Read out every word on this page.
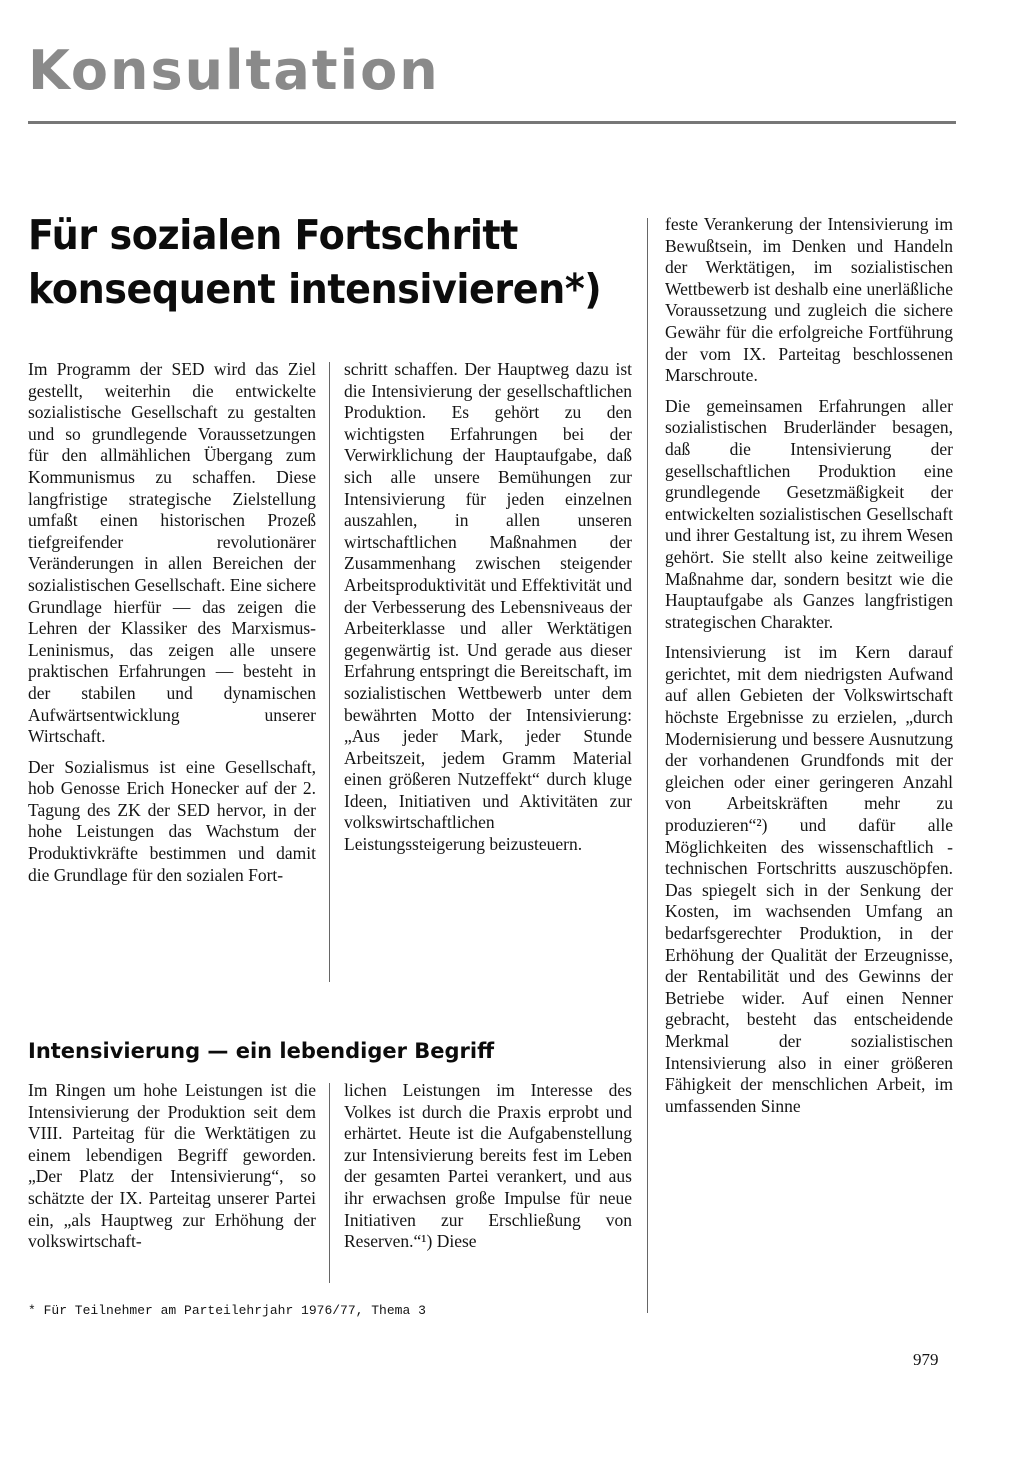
Konsultation
Für sozialen Fortschritt
konsequent intensivieren*)

Im Programm der SED wird das Ziel gestellt, weiterhin die entwickelte sozialistische Gesellschaft zu gestalten und so grundlegende Voraussetzungen für den allmählichen Übergang zum Kommunismus zu schaffen. Diese langfristige strategische Zielstellung umfaßt einen historischen Prozeß tiefgreifender revolutionärer Veränderungen in allen Bereichen der sozialistischen Gesellschaft. Eine sichere Grundlage hierfür — das zeigen die Lehren der Klassiker des Marxismus-Leninismus, das zeigen alle unsere praktischen Erfahrungen — besteht in der stabilen und dynamischen Aufwärtsentwicklung unserer Wirtschaft.

Der Sozialismus ist eine Gesellschaft, hob Genosse Erich Honecker auf der 2. Tagung des ZK der SED hervor, in der hohe Leistungen das Wachstum der Produktivkräfte bestimmen und damit die Grundlage für den sozialen Fort-

schritt schaffen. Der Hauptweg dazu ist die Intensivierung der gesellschaftlichen Produktion. Es gehört zu den wichtigsten Erfahrungen bei der Verwirklichung der Hauptaufgabe, daß sich alle unsere Bemühungen zur Intensivierung für jeden einzelnen auszahlen, in allen unseren wirtschaftlichen Maßnahmen der Zusammenhang zwischen steigender Arbeitsproduktivität und Effektivität und der Verbesserung des Lebensniveaus der Arbeiterklasse und aller Werktätigen gegenwärtig ist. Und gerade aus dieser Erfahrung entspringt die Bereitschaft, im sozialistischen Wettbewerb unter dem bewährten Motto der Intensivierung: „Aus jeder Mark, jeder Stunde Arbeitszeit, jedem Gramm Material einen größeren Nutzeffekt“ durch kluge Ideen, Initiativen und Aktivitäten zur volkswirtschaftlichen Leistungssteigerung beizusteuern.

Intensivierung — ein lebendiger Begriff

Im Ringen um hohe Leistungen ist die Intensivierung der Produktion seit dem VIII. Parteitag für die Werktätigen zu einem lebendigen Begriff geworden. „Der Platz der Intensivierung“, so schätzte der IX. Parteitag unserer Partei ein, „als Hauptweg zur Erhöhung der volkswirtschaft-

lichen Leistungen im Interesse des Volkes ist durch die Praxis erprobt und erhärtet. Heute ist die Aufgabenstellung zur Intensivierung bereits fest im Leben der gesamten Partei verankert, und aus ihr erwachsen große Impulse für neue Initiativen zur Erschließung von Reserven.“¹) Diese

feste Verankerung der Intensivierung im Bewußtsein, im Denken und Handeln der Werktätigen, im sozialistischen Wettbewerb ist deshalb eine unerläßliche Voraussetzung und zugleich die sichere Gewähr für die erfolgreiche Fortführung der vom IX. Parteitag beschlossenen Marschroute.

Die gemeinsamen Erfahrungen aller sozialistischen Bruderländer besagen, daß die Intensivierung der gesellschaftlichen Produktion eine grundlegende Gesetzmäßigkeit der entwickelten sozialistischen Gesellschaft und ihrer Gestaltung ist, zu ihrem Wesen gehört. Sie stellt also keine zeitweilige Maßnahme dar, sondern besitzt wie die Hauptaufgabe als Ganzes langfristigen strategischen Charakter.

Intensivierung ist im Kern darauf gerichtet, mit dem niedrigsten Aufwand auf allen Gebieten der Volkswirtschaft höchste Ergebnisse zu erzielen, „durch Modernisierung und bessere Ausnutzung der vorhandenen Grundfonds mit der gleichen oder einer geringeren Anzahl von Arbeitskräften mehr zu produzieren“²) und dafür alle Möglichkeiten des wissenschaftlich - technischen Fortschritts auszuschöpfen. Das spiegelt sich in der Senkung der Kosten, im wachsenden Umfang an bedarfsgerechter Produktion, in der Erhöhung der Qualität der Erzeugnisse, der Rentabilität und des Gewinns der Betriebe wider. Auf einen Nenner gebracht, besteht das entscheidende Merkmal der sozialistischen Intensivierung also in einer größeren Fähigkeit der menschlichen Arbeit, im umfassenden Sinne

* Für Teilnehmer am Parteilehrjahr 1976/77, Thema 3
979
